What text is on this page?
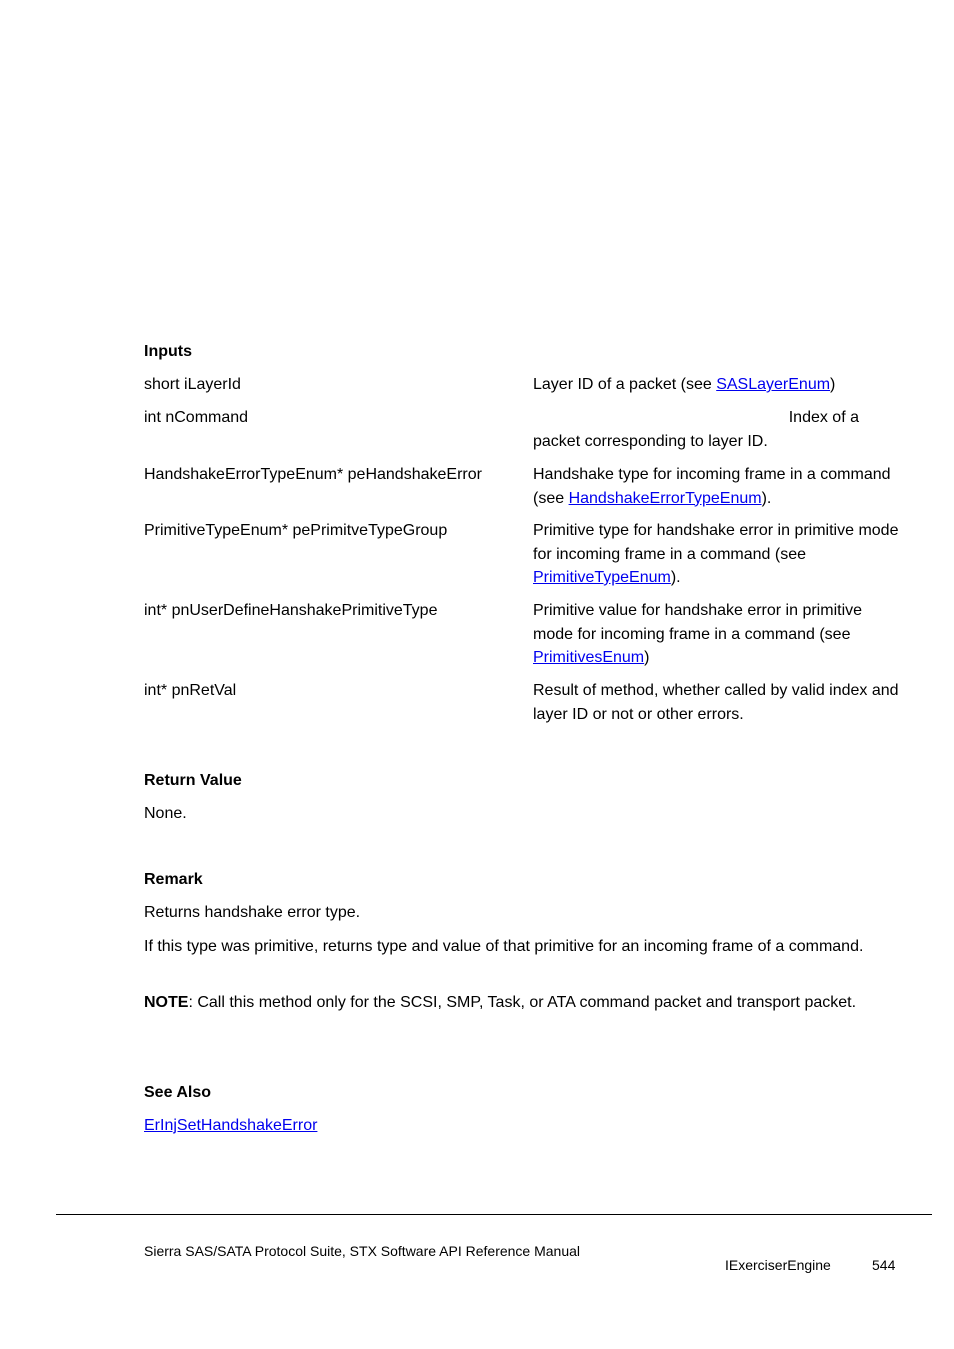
Inputs
short iLayerId	Layer ID of a packet (see SASLayerEnum)
int nCommand	Index of a
packet corresponding to layer ID.
HandshakeErrorTypeEnum* peHandshakeError	Handshake type for incoming frame in a command (see HandshakeErrorTypeEnum).
PrimitiveTypeEnum* pePrimitveTypeGroup	Primitive type for handshake error in primitive mode for incoming frame in a command (see PrimitiveTypeEnum).
int* pnUserDefineHanshakePrimitiveType	Primitive value for handshake error in primitive mode for incoming frame in a command (see PrimitivesEnum)
int* pnRetVal	Result of method, whether called by valid index and layer ID or not or other errors.
Return Value
None.
Remark
Returns handshake error type.
If this type was primitive, returns type and value of that primitive for an incoming frame of a command.
NOTE: Call this method only for the SCSI, SMP, Task, or ATA command packet and transport packet.
See Also
ErInjSetHandshakeError
Sierra SAS/SATA Protocol Suite, STX Software API Reference Manual
IExerciserEngine	544
